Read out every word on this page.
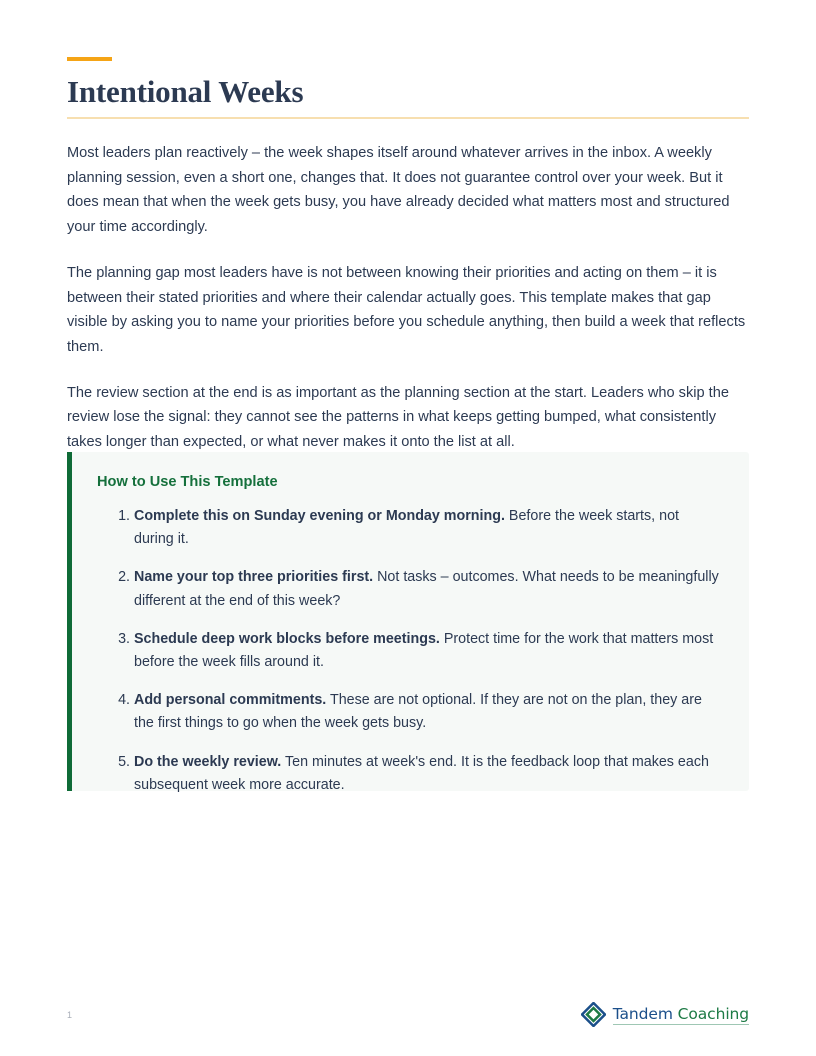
Intentional Weeks

Most leaders plan reactively – the week shapes itself around whatever arrives in the inbox. A weekly planning session, even a short one, changes that. It does not guarantee control over your week. But it does mean that when the week gets busy, you have already decided what matters most and structured your time accordingly.

The planning gap most leaders have is not between knowing their priorities and acting on them – it is between their stated priorities and where their calendar actually goes. This template makes that gap visible by asking you to name your priorities before you schedule anything, then build a week that reflects them.

The review section at the end is as important as the planning section at the start. Leaders who skip the review lose the signal: they cannot see the patterns in what keeps getting bumped, what consistently takes longer than expected, or what never makes it onto the list at all.

How to Use This Template

Complete this on Sunday evening or Monday morning. Before the week starts, not during it.
Name your top three priorities first. Not tasks – outcomes. What needs to be meaningfully different at the end of this week?
Schedule deep work blocks before meetings. Protect time for the work that matters most before the week fills around it.
Add personal commitments. These are not optional. If they are not on the plan, they are the first things to go when the week gets busy.
Do the weekly review. Ten minutes at week's end. It is the feedback loop that makes each subsequent week more accurate.
1	Tandem Coaching
